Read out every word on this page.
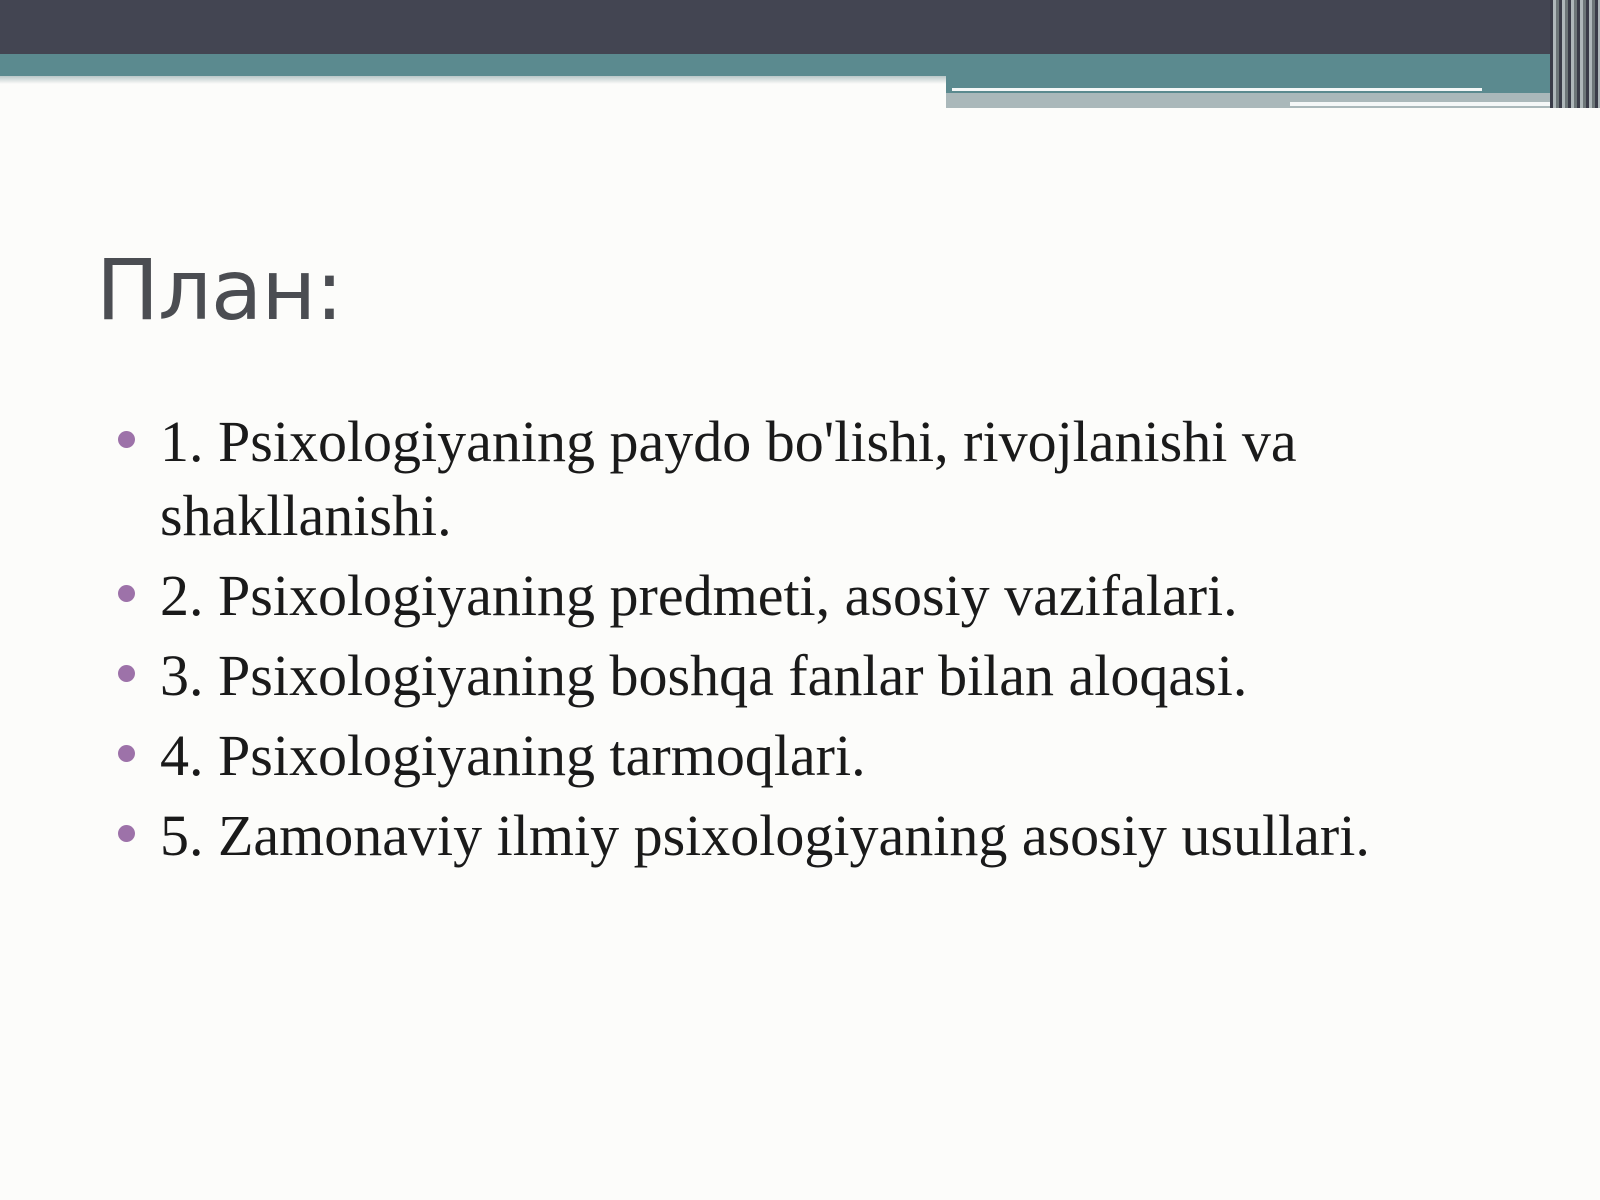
План:
1. Psixologiyaning paydo bo'lishi, rivojlanishi va shakllanishi.
2. Psixologiyaning predmeti, asosiy vazifalari.
3. Psixologiyaning boshqa fanlar bilan aloqasi.
4. Psixologiyaning tarmoqlari.
5. Zamonaviy ilmiy psixologiyaning asosiy usullari.
